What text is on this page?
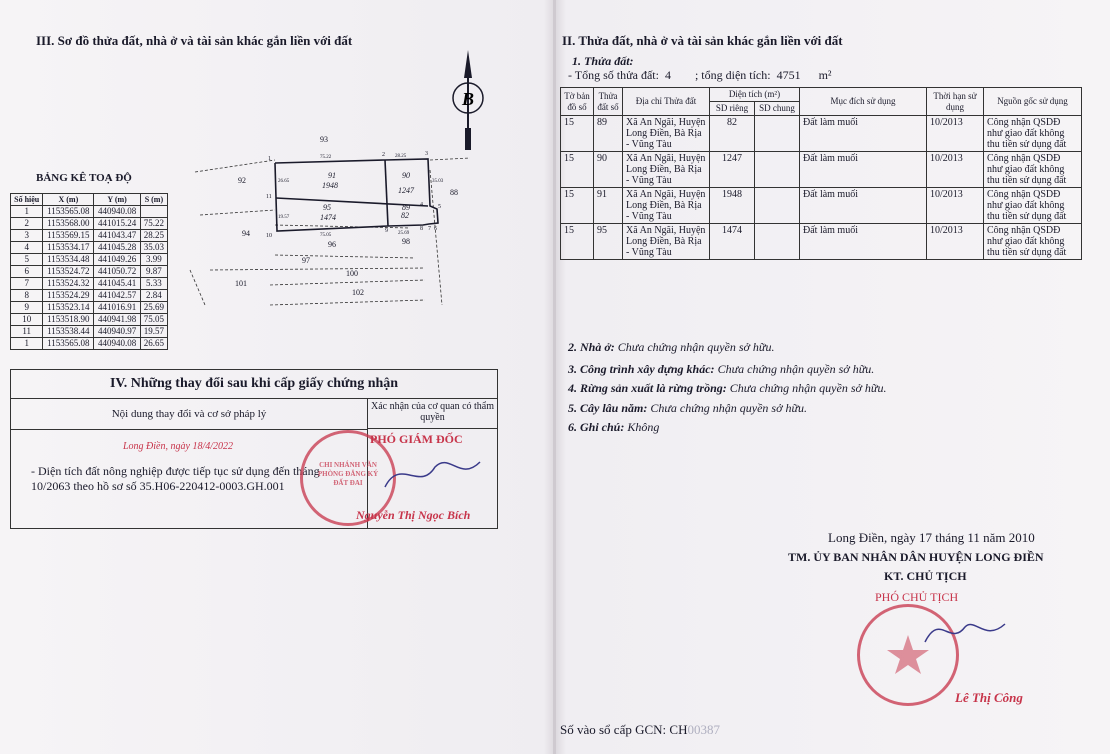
III. Sơ đồ thửa đất, nhà ở và tài sản khác gắn liền với đất
B
93
92
91
1948
90
1247	88
95
1474
89
82
94
96	98
97
100
101
102
1
2	3
4	5
6
7
8
9
10
11
75.22	28.25
35.03
26.65
19.57
75.05	25.69
BẢNG KÊ TOẠ ĐỘ
Số hiệu	X (m)	Y (m)	S (m)
1	1153565.08	440940.08	
2	1153568.00	441015.24	75.22
3	1153569.15	441043.47	28.25
4	1153534.17	441045.28	35.03
5	1153534.48	441049.26	3.99
6	1153524.72	441050.72	9.87
7	1153524.32	441045.41	5.33
8	1153524.29	441042.57	2.84
9	1153523.14	441016.91	25.69
10	1153518.90	440941.98	75.05
11	1153538.44	440940.97	19.57
1	1153565.08	440940.08	26.65
IV. Những thay đổi sau khi cấp giấy chứng nhận
Nội dung thay đổi và cơ sở pháp lý
Long Điền, ngày 18/4/2022
- Diện tích đất nông nghiệp được tiếp tục sử dụng đến tháng 10/2063 theo hồ sơ số 35.H06-220412-0003.GH.001
Xác nhận của cơ quan có thẩm quyền
CHI NHÁNH VĂN PHÒNG ĐĂNG KÝ ĐẤT ĐAI
PHÓ GIÁM ĐỐC
Nguyễn Thị Ngọc Bích
II. Thửa đất, nhà ở và tài sản khác gắn liền với đất
1. Thửa đất:
- Tổng số thửa đất:  4        ; tổng diện tích:  4751      m²
Tờ bản đồ số	Thửa đất số	Địa chỉ Thửa đất	Diện tích (m²)		Mục đích sử dụng	Thời hạn sử dụng	Nguồn gốc sử dụng
			SD riêng	SD chung			
15	89	Xã An Ngãi, Huyện Long Điền, Bà Rịa - Vũng Tàu	82		Đất làm muối	10/2013	Công nhận QSDĐ như giao đất không thu tiền sử dụng đất
15	90	Xã An Ngãi, Huyện Long Điền, Bà Rịa - Vũng Tàu	1247		Đất làm muối	10/2013	Công nhận QSDĐ như giao đất không thu tiền sử dụng đất
15	91	Xã An Ngãi, Huyện Long Điền, Bà Rịa - Vũng Tàu	1948		Đất làm muối	10/2013	Công nhận QSDĐ như giao đất không thu tiền sử dụng đất
15	95	Xã An Ngãi, Huyện Long Điền, Bà Rịa - Vũng Tàu	1474		Đất làm muối	10/2013	Công nhận QSDĐ như giao đất không thu tiền sử dụng đất
2. Nhà ở: Chưa chứng nhận quyền sở hữu.
3. Công trình xây dựng khác: Chưa chứng nhận quyền sở hữu.
4. Rừng sản xuất là rừng trồng: Chưa chứng nhận quyền sở hữu.
5. Cây lâu năm: Chưa chứng nhận quyền sở hữu.
6. Ghi chú: Không
Long Điền, ngày 17 tháng 11 năm 2010
TM. ỦY BAN NHÂN DÂN HUYỆN LONG ĐIỀN
KT. CHỦ TỊCH
PHÓ CHỦ TỊCH
Lê Thị Công
Số vào sổ cấp GCN: CH00387
